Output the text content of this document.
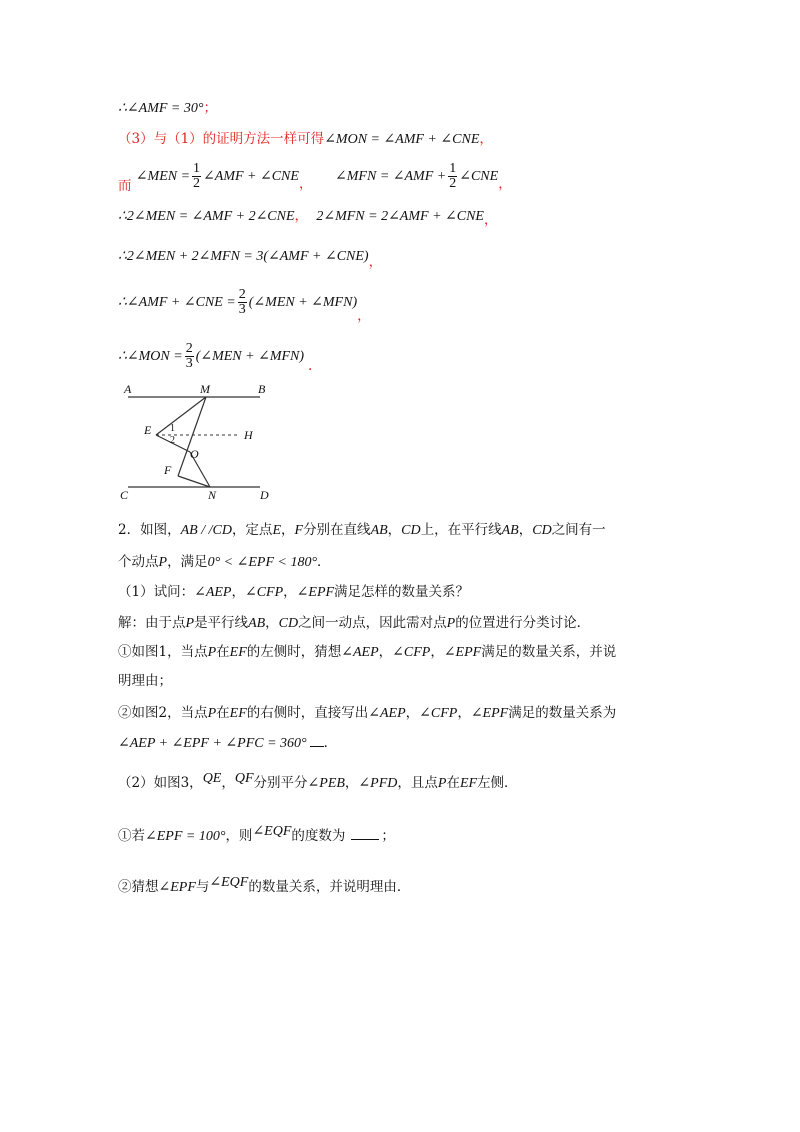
∴∠AMF = 30°；
（3）与（1）的证明方法一样可得∠MON = ∠AMF + ∠CNE，
而 ∠MEN = $\frac{1}{2}$ ∠AMF + ∠CNE， ∠MFN = ∠AMF + $\frac{1}{2}$ ∠CNE，
∴2∠MEN = ∠AMF + 2∠CNE， 2∠MFN = 2∠AMF + ∠CNE，
∴2∠MEN + 2∠MFN = 3(∠AMF + ∠CNE)，
∴∠AMF + ∠CNE = $\frac{2}{3}$ (∠MEN + ∠MFN)，
∴∠MON = $\frac{2}{3}$ (∠MEN + ∠MFN).
A	M	B
E 1
2	H
O
F
C	N	D
2．如图，AB / /CD，定点E，F分别在直线AB，CD上，在平行线AB，CD之间有一
个动点P，满足0° < ∠EPF < 180°．
（1）试问：∠AEP，∠CFP，∠EPF满足怎样的数量关系？
解：由于点P是平行线AB，CD之间一动点，因此需对点P的位置进行分类讨论．
①如图1，当点P在EF的左侧时，猜想∠AEP，∠CFP，∠EPF满足的数量关系，并说
明理由；
②如图2，当点P在EF的右侧时，直接写出∠AEP，∠CFP，∠EPF满足的数量关系为
∠AEP + ∠EPF + ∠PFC = 360° ．
（2）如图3，QE，QF分别平分∠PEB，∠PFD，且点P在EF左侧．
①若∠EPF = 100°，则∠EQF的度数为	；
②猜想∠EPF与∠EQF的数量关系，并说明理由．
